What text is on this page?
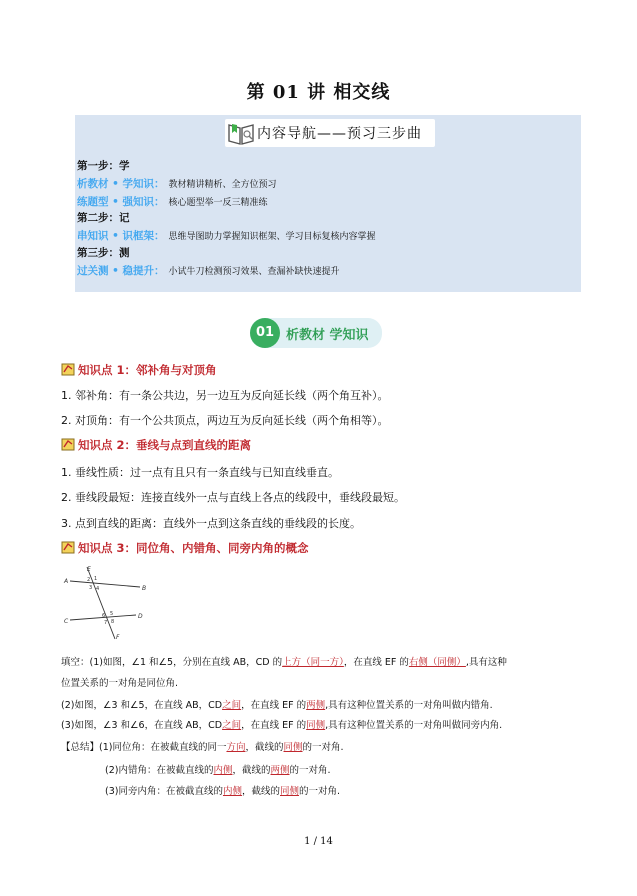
第 01 讲 相交线
内容导航——预习三步曲
第一步：学
析教材 • 学知识： 教材精讲精析、全方位预习
练题型 • 强知识： 核心题型举一反三精准练
第二步：记
串知识 • 识框架： 思维导图助力掌握知识框架、学习目标复核内容掌握
第三步：测
过关测 • 稳提升： 小试牛刀检测预习效果、查漏补缺快速提升
01 析教材 学知识
知识点 1：邻补角与对顶角
1. 邻补角：有一条公共边，另一边互为反向延长线（两个角互补）。
2. 对顶角：有一个公共顶点，两边互为反向延长线（两个角相等）。
知识点 2：垂线与点到直线的距离
1. 垂线性质：过一点有且只有一条直线与已知直线垂直。
2. 垂线段最短：连接直线外一点与直线上各点的线段中，垂线段最短。
3. 点到直线的距离：直线外一点到这条直线的垂线段的长度。
知识点 3：同位角、内错角、同旁内角的概念
A
B
C
D
E
F
1
2
3 4
5
6
7 8
填空：(1)如图，∠1 和∠5，分别在直线 AB，CD 的上方（同一方），在直线 EF 的右侧（同侧）,具有这种
位置关系的一对角是同位角.
(2)如图，∠3 和∠5，在直线 AB，CD之间，在直线 EF 的两侧,具有这种位置关系的一对角叫做内错角.
(3)如图，∠3 和∠6，在直线 AB，CD之间，在直线 EF 的同侧,具有这种位置关系的一对角叫做同旁内角.
【总结】(1)同位角：在被截直线的同一方向，截线的同侧的一对角.
(2)内错角：在被截直线的内侧，截线的两侧的一对角.
(3)同旁内角：在被截直线的内侧，截线的同侧的一对角.
1 / 14
